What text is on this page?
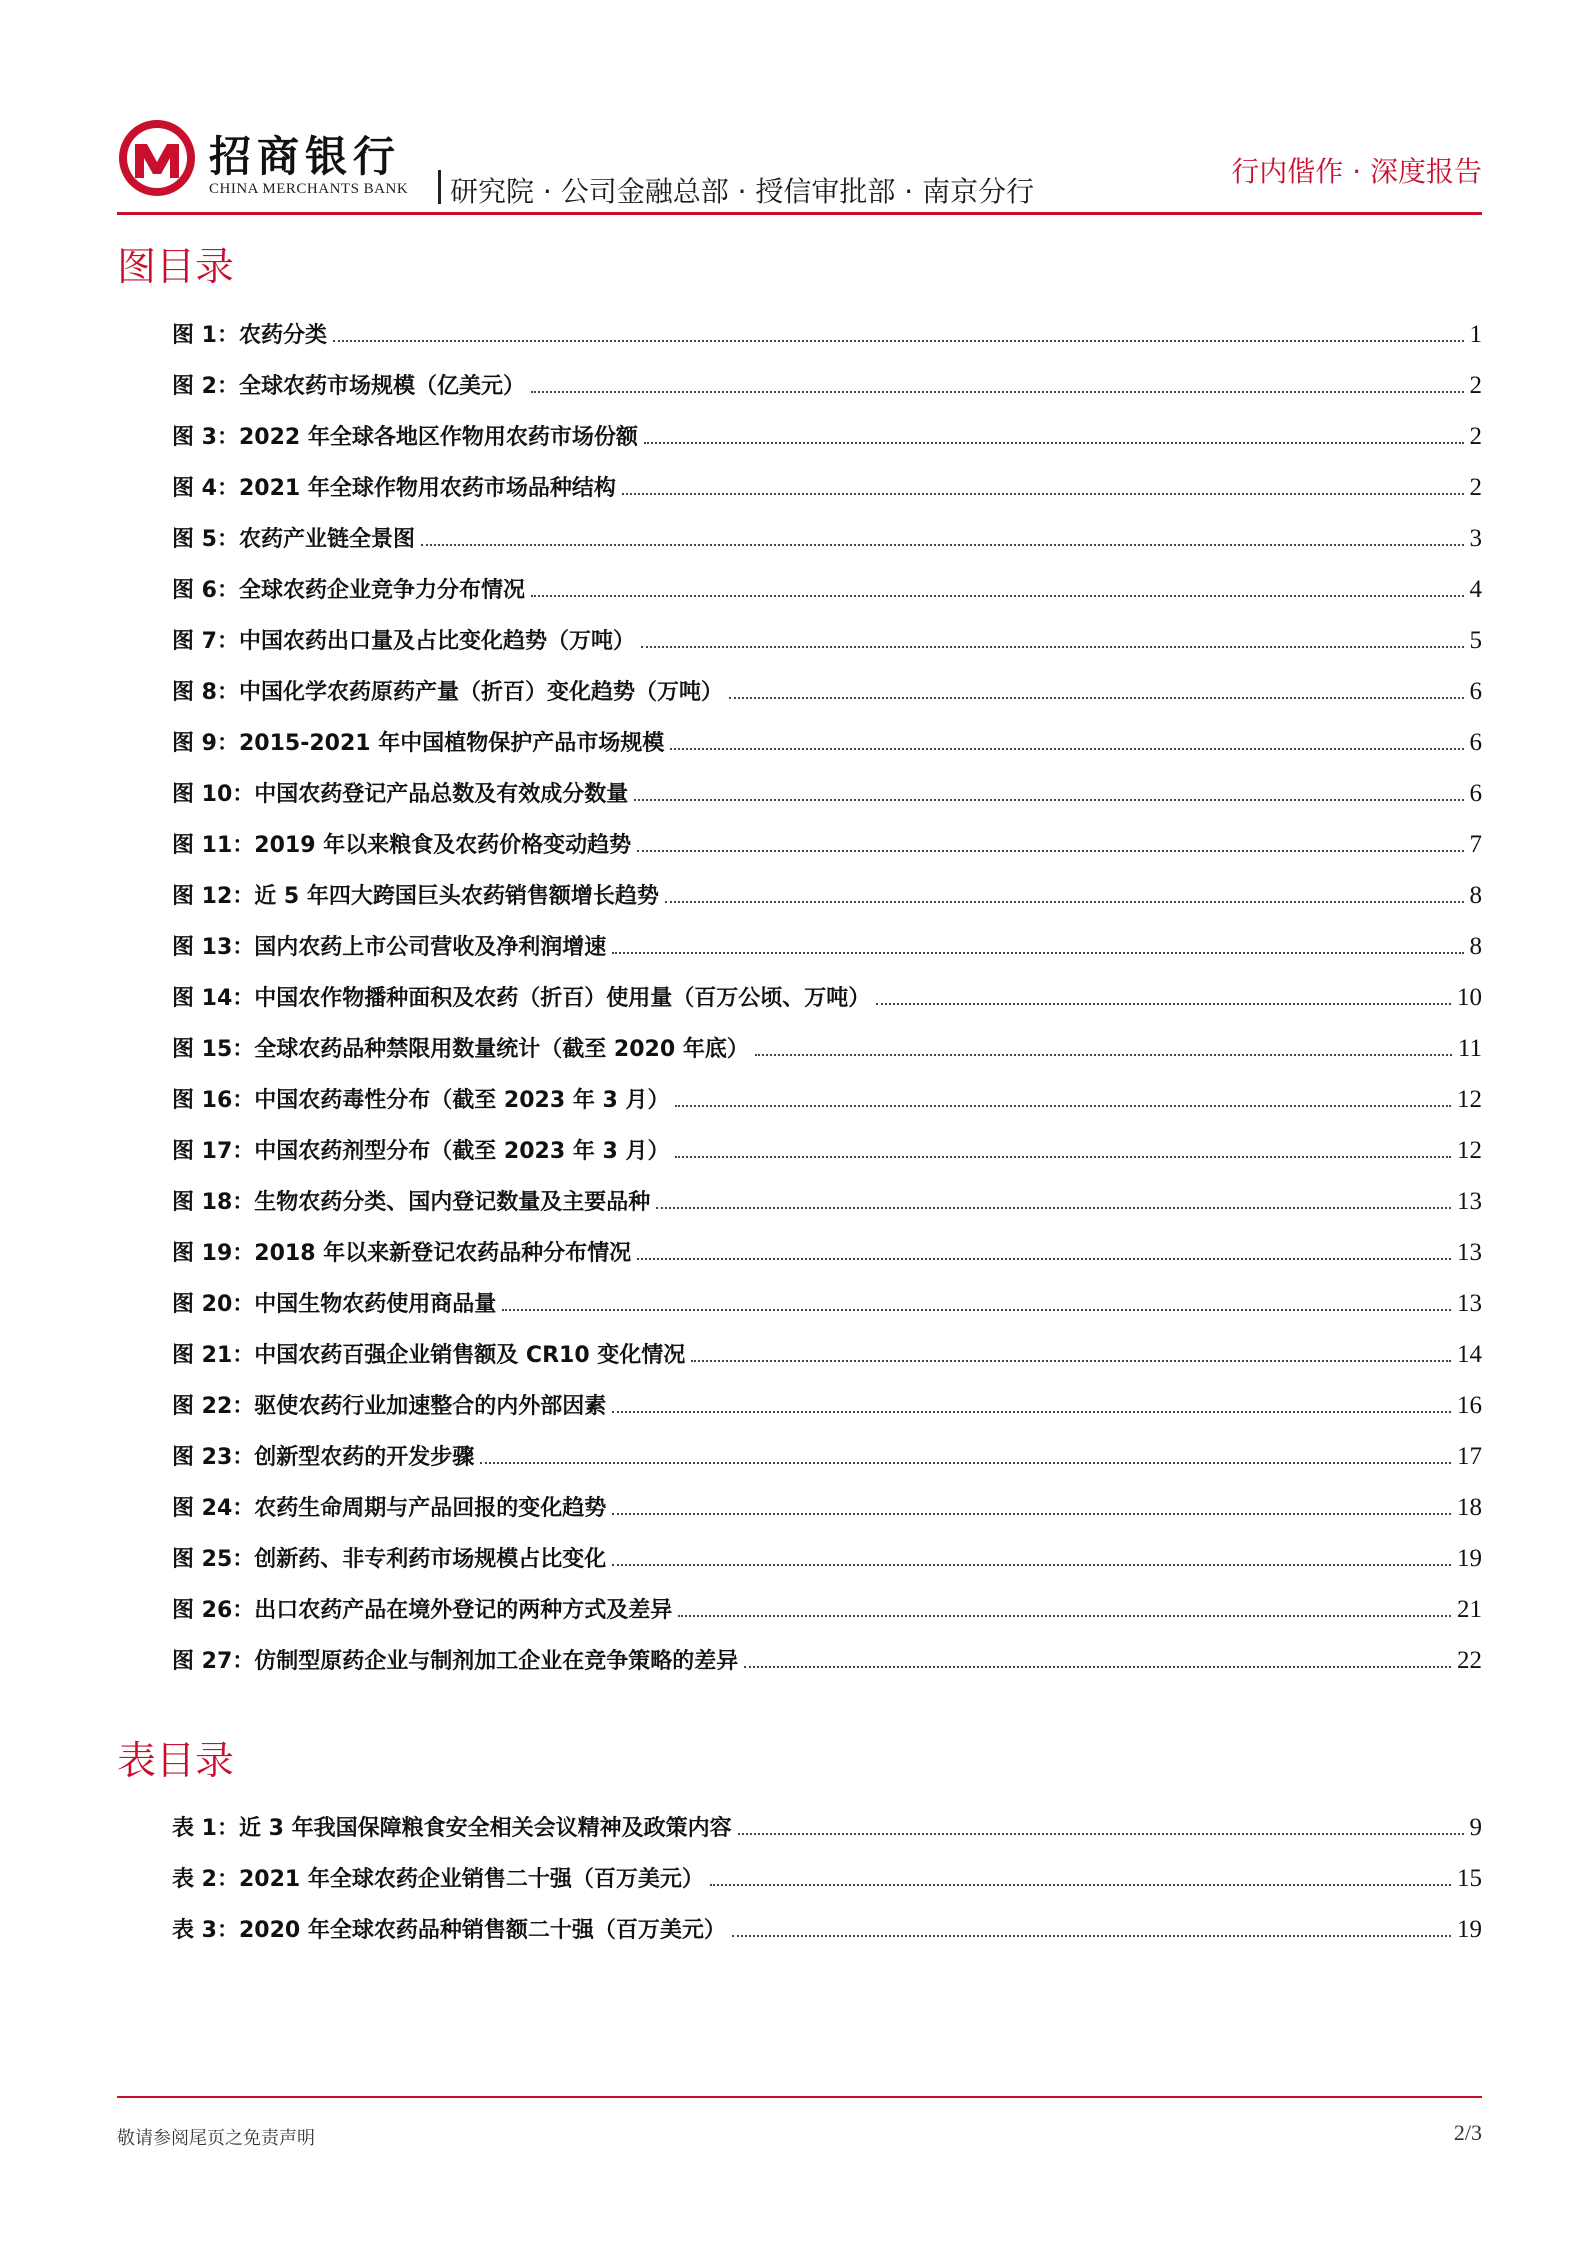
招商银行
CHINA MERCHANTS BANK 研究院 · 公司金融总部 · 授信审批部 · 南京分行
行内偕作 · 深度报告
图目录
图 1：农药分类	1
图 2：全球农药市场规模（亿美元）	2
图 3：2022 年全球各地区作物用农药市场份额	2
图 4：2021 年全球作物用农药市场品种结构	2
图 5：农药产业链全景图	3
图 6：全球农药企业竞争力分布情况	4
图 7：中国农药出口量及占比变化趋势（万吨）	5
图 8：中国化学农药原药产量（折百）变化趋势（万吨）	6
图 9：2015-2021 年中国植物保护产品市场规模	6
图 10：中国农药登记产品总数及有效成分数量	6
图 11：2019 年以来粮食及农药价格变动趋势	7
图 12：近 5 年四大跨国巨头农药销售额增长趋势	8
图 13：国内农药上市公司营收及净利润增速	8
图 14：中国农作物播种面积及农药（折百）使用量（百万公顷、万吨）	10
图 15：全球农药品种禁限用数量统计（截至 2020 年底）	11
图 16：中国农药毒性分布（截至 2023 年 3 月）	12
图 17：中国农药剂型分布（截至 2023 年 3 月）	12
图 18：生物农药分类、国内登记数量及主要品种	13
图 19：2018 年以来新登记农药品种分布情况	13
图 20：中国生物农药使用商品量	13
图 21：中国农药百强企业销售额及 CR10 变化情况	14
图 22：驱使农药行业加速整合的内外部因素	16
图 23：创新型农药的开发步骤	17
图 24：农药生命周期与产品回报的变化趋势	18
图 25：创新药、非专利药市场规模占比变化	19
图 26：出口农药产品在境外登记的两种方式及差异	21
图 27：仿制型原药企业与制剂加工企业在竞争策略的差异	22
表目录
表 1：近 3 年我国保障粮食安全相关会议精神及政策内容	9
表 2：2021 年全球农药企业销售二十强（百万美元）	15
表 3：2020 年全球农药品种销售额二十强（百万美元）	19
敬请参阅尾页之免责声明	2/3
